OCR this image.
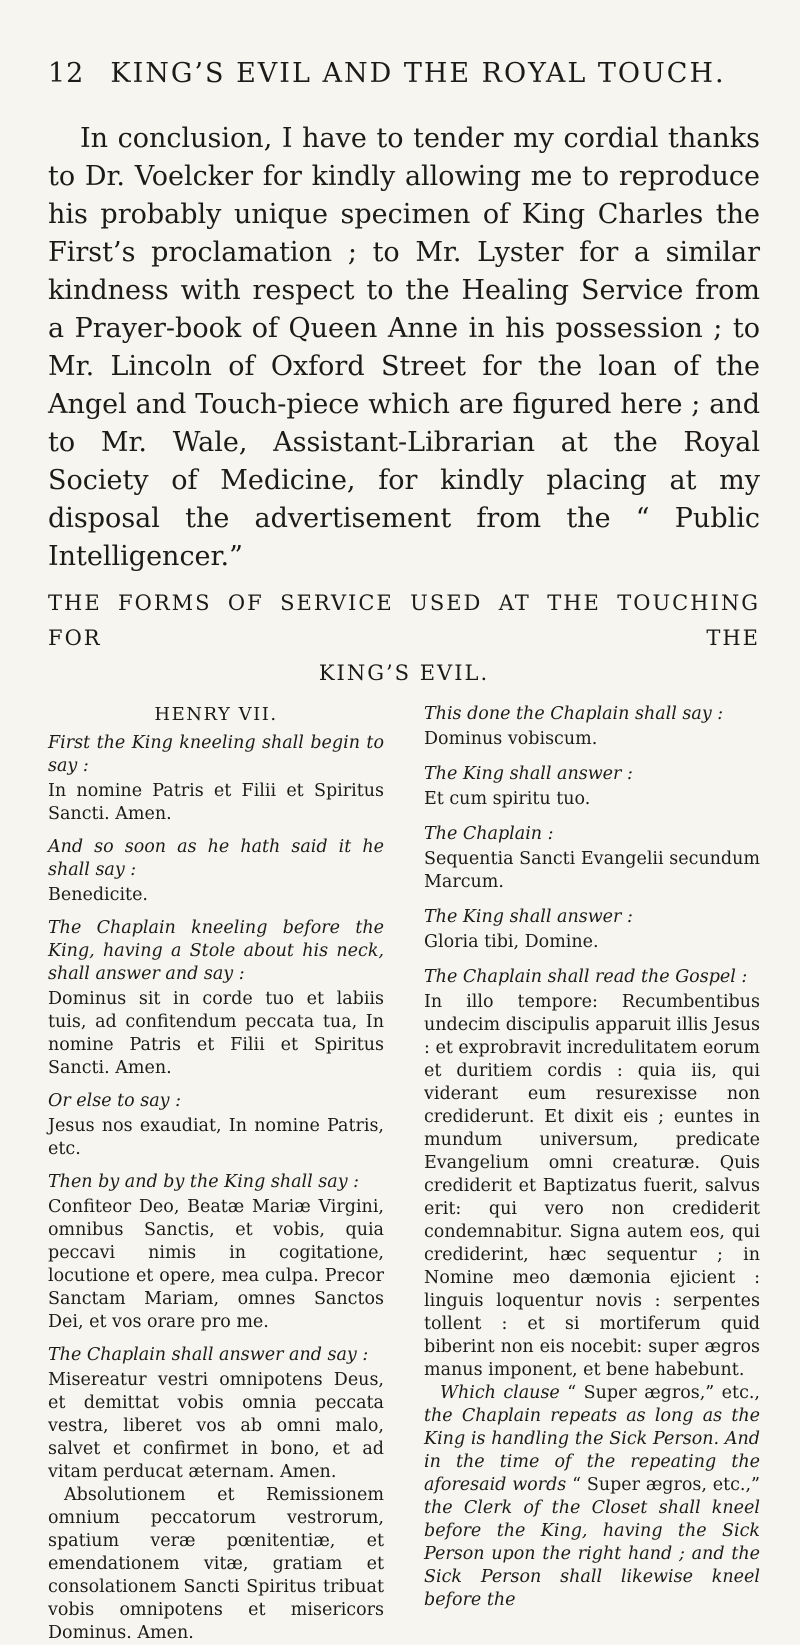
12 KING’S EVIL AND THE ROYAL TOUCH.

In conclusion, I have to tender my cordial thanks to Dr. Voelcker for kindly allowing me to reproduce his probably unique specimen of King Charles the First’s proclamation ; to Mr. Lyster for a similar kindness with respect to the Healing Service from a Prayer-book of Queen Anne in his possession ; to Mr. Lincoln of Oxford Street for the loan of the Angel and Touch-piece which are figured here ; and to Mr. Wale, Assistant-Librarian at the Royal Society of Medicine, for kindly placing at my disposal the advertisement from the “ Public Intelligencer.”

THE FORMS OF SERVICE USED AT THE TOUCHING FOR THE
KING’S EVIL.
HENRY VII.
First the King kneeling shall begin to say :

In nomine Patris et Filii et Spiritus Sancti. Amen.

And so soon as he hath said it he shall say :

Benedicite.

The Chaplain kneeling before the King, having a Stole about his neck, shall answer and say :

Dominus sit in corde tuo et labiis tuis, ad confitendum peccata tua, In nomine Patris et Filii et Spiritus Sancti. Amen.

Or else to say :

Jesus nos exaudiat, In nomine Patris, etc.

Then by and by the King shall say :

Confiteor Deo, Beatæ Mariæ Virgini, omnibus Sanctis, et vobis, quia peccavi nimis in cogitatione, locutione et opere, mea culpa. Precor Sanctam Mariam, omnes Sanctos Dei, et vos orare pro me.

The Chaplain shall answer and say :

Misereatur vestri omnipotens Deus, et demittat vobis omnia peccata vestra, liberet vos ab omni malo, salvet et confirmet in bono, et ad vitam perducat æternam. Amen.

Absolutionem et Remissionem omnium peccatorum vestrorum, spatium veræ pœnitentiæ, et emendationem vitæ, gratiam et consolationem Sancti Spiritus tribuat vobis omnipotens et misericors Dominus. Amen.

This done the Chaplain shall say :

Dominus vobiscum.

The King shall answer :

Et cum spiritu tuo.

The Chaplain :

Sequentia Sancti Evangelii secundum Marcum.

The King shall answer :

Gloria tibi, Domine.

The Chaplain shall read the Gospel :

In illo tempore: Recumbentibus undecim discipulis apparuit illis Jesus : et exprobravit incredulitatem eorum et duritiem cordis : quia iis, qui viderant eum resurexisse non crediderunt. Et dixit eis ; euntes in mundum universum, predicate Evangelium omni creaturæ. Quis crediderit et Baptizatus fuerit, salvus erit: qui vero non crediderit condemnabitur. Signa autem eos, qui crediderint, hæc sequentur ; in Nomine meo dæmonia ejicient : linguis loquentur novis : serpentes tollent : et si mortiferum quid biberint non eis nocebit: super ægros manus imponent, et bene habebunt.

Which clause “ Super ægros,” etc., the Chaplain repeats as long as the King is handling the Sick Person. And in the time of the repeating the aforesaid words “ Super ægros, etc.,” the Clerk of the Closet shall kneel before the King, having the Sick Person upon the right hand ; and the Sick Person shall likewise kneel before the
